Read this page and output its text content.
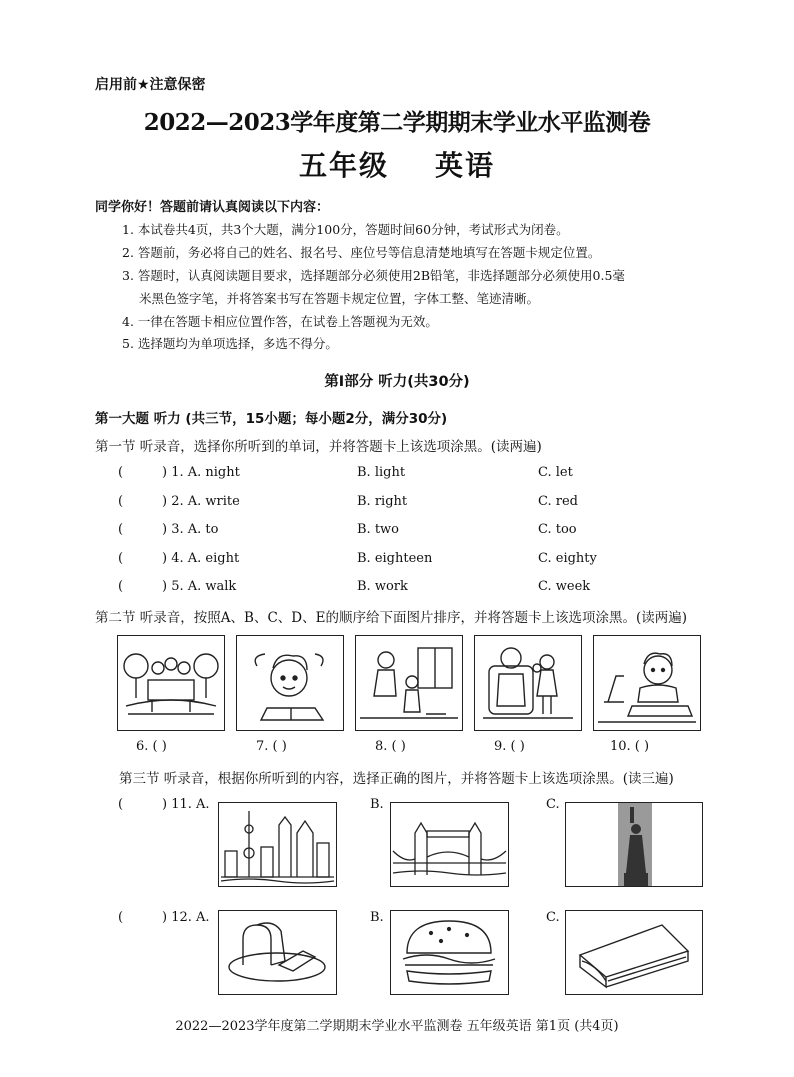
启用前★注意保密
2022—2023学年度第二学期期末学业水平监测卷
五年级 英语
同学你好！答题前请认真阅读以下内容：
1. 本试卷共4页，共3个大题，满分100分，答题时间60分钟，考试形式为闭卷。
2. 答题前，务必将自己的姓名、报名号、座位号等信息清楚地填写在答题卡规定位置。
3. 答题时，认真阅读题目要求，选择题部分必须使用2B铅笔，非选择题部分必须使用0.5毫
米黑色签字笔，并将答案书写在答题卡规定位置，字体工整、笔迹清晰。
4. 一律在答题卡相应位置作答，在试卷上答题视为无效。
5. 选择题均为单项选择，多选不得分。
第Ⅰ部分 听力(共30分)
第一大题 听力 (共三节，15小题；每小题2分，满分30分)
第一节 听录音，选择你所听到的单词，并将答题卡上该选项涂黑。(读两遍)
(	) 1. A. night	B. light	C. let
(	) 2. A. write	B. right	C. red
(	) 3. A. to	B. two	C. too
(	) 4. A. eight	B. eighteen	C. eighty
(	) 5. A. walk	B. work	C. week
第二节 听录音，按照A、B、C、D、E的顺序给下面图片排序，并将答题卡上该选项涂黑。(读两遍)
6. ( )	7. ( )	8. ( )	9. ( )	10. ( )
第三节 听录音，根据你所听到的内容，选择正确的图片，并将答题卡上该选项涂黑。(读三遍)
(	) 11. A.	B.	C.
(	) 12. A.	B.	C.
2022—2023学年度第二学期期末学业水平监测卷 五年级英语 第1页 (共4页)
